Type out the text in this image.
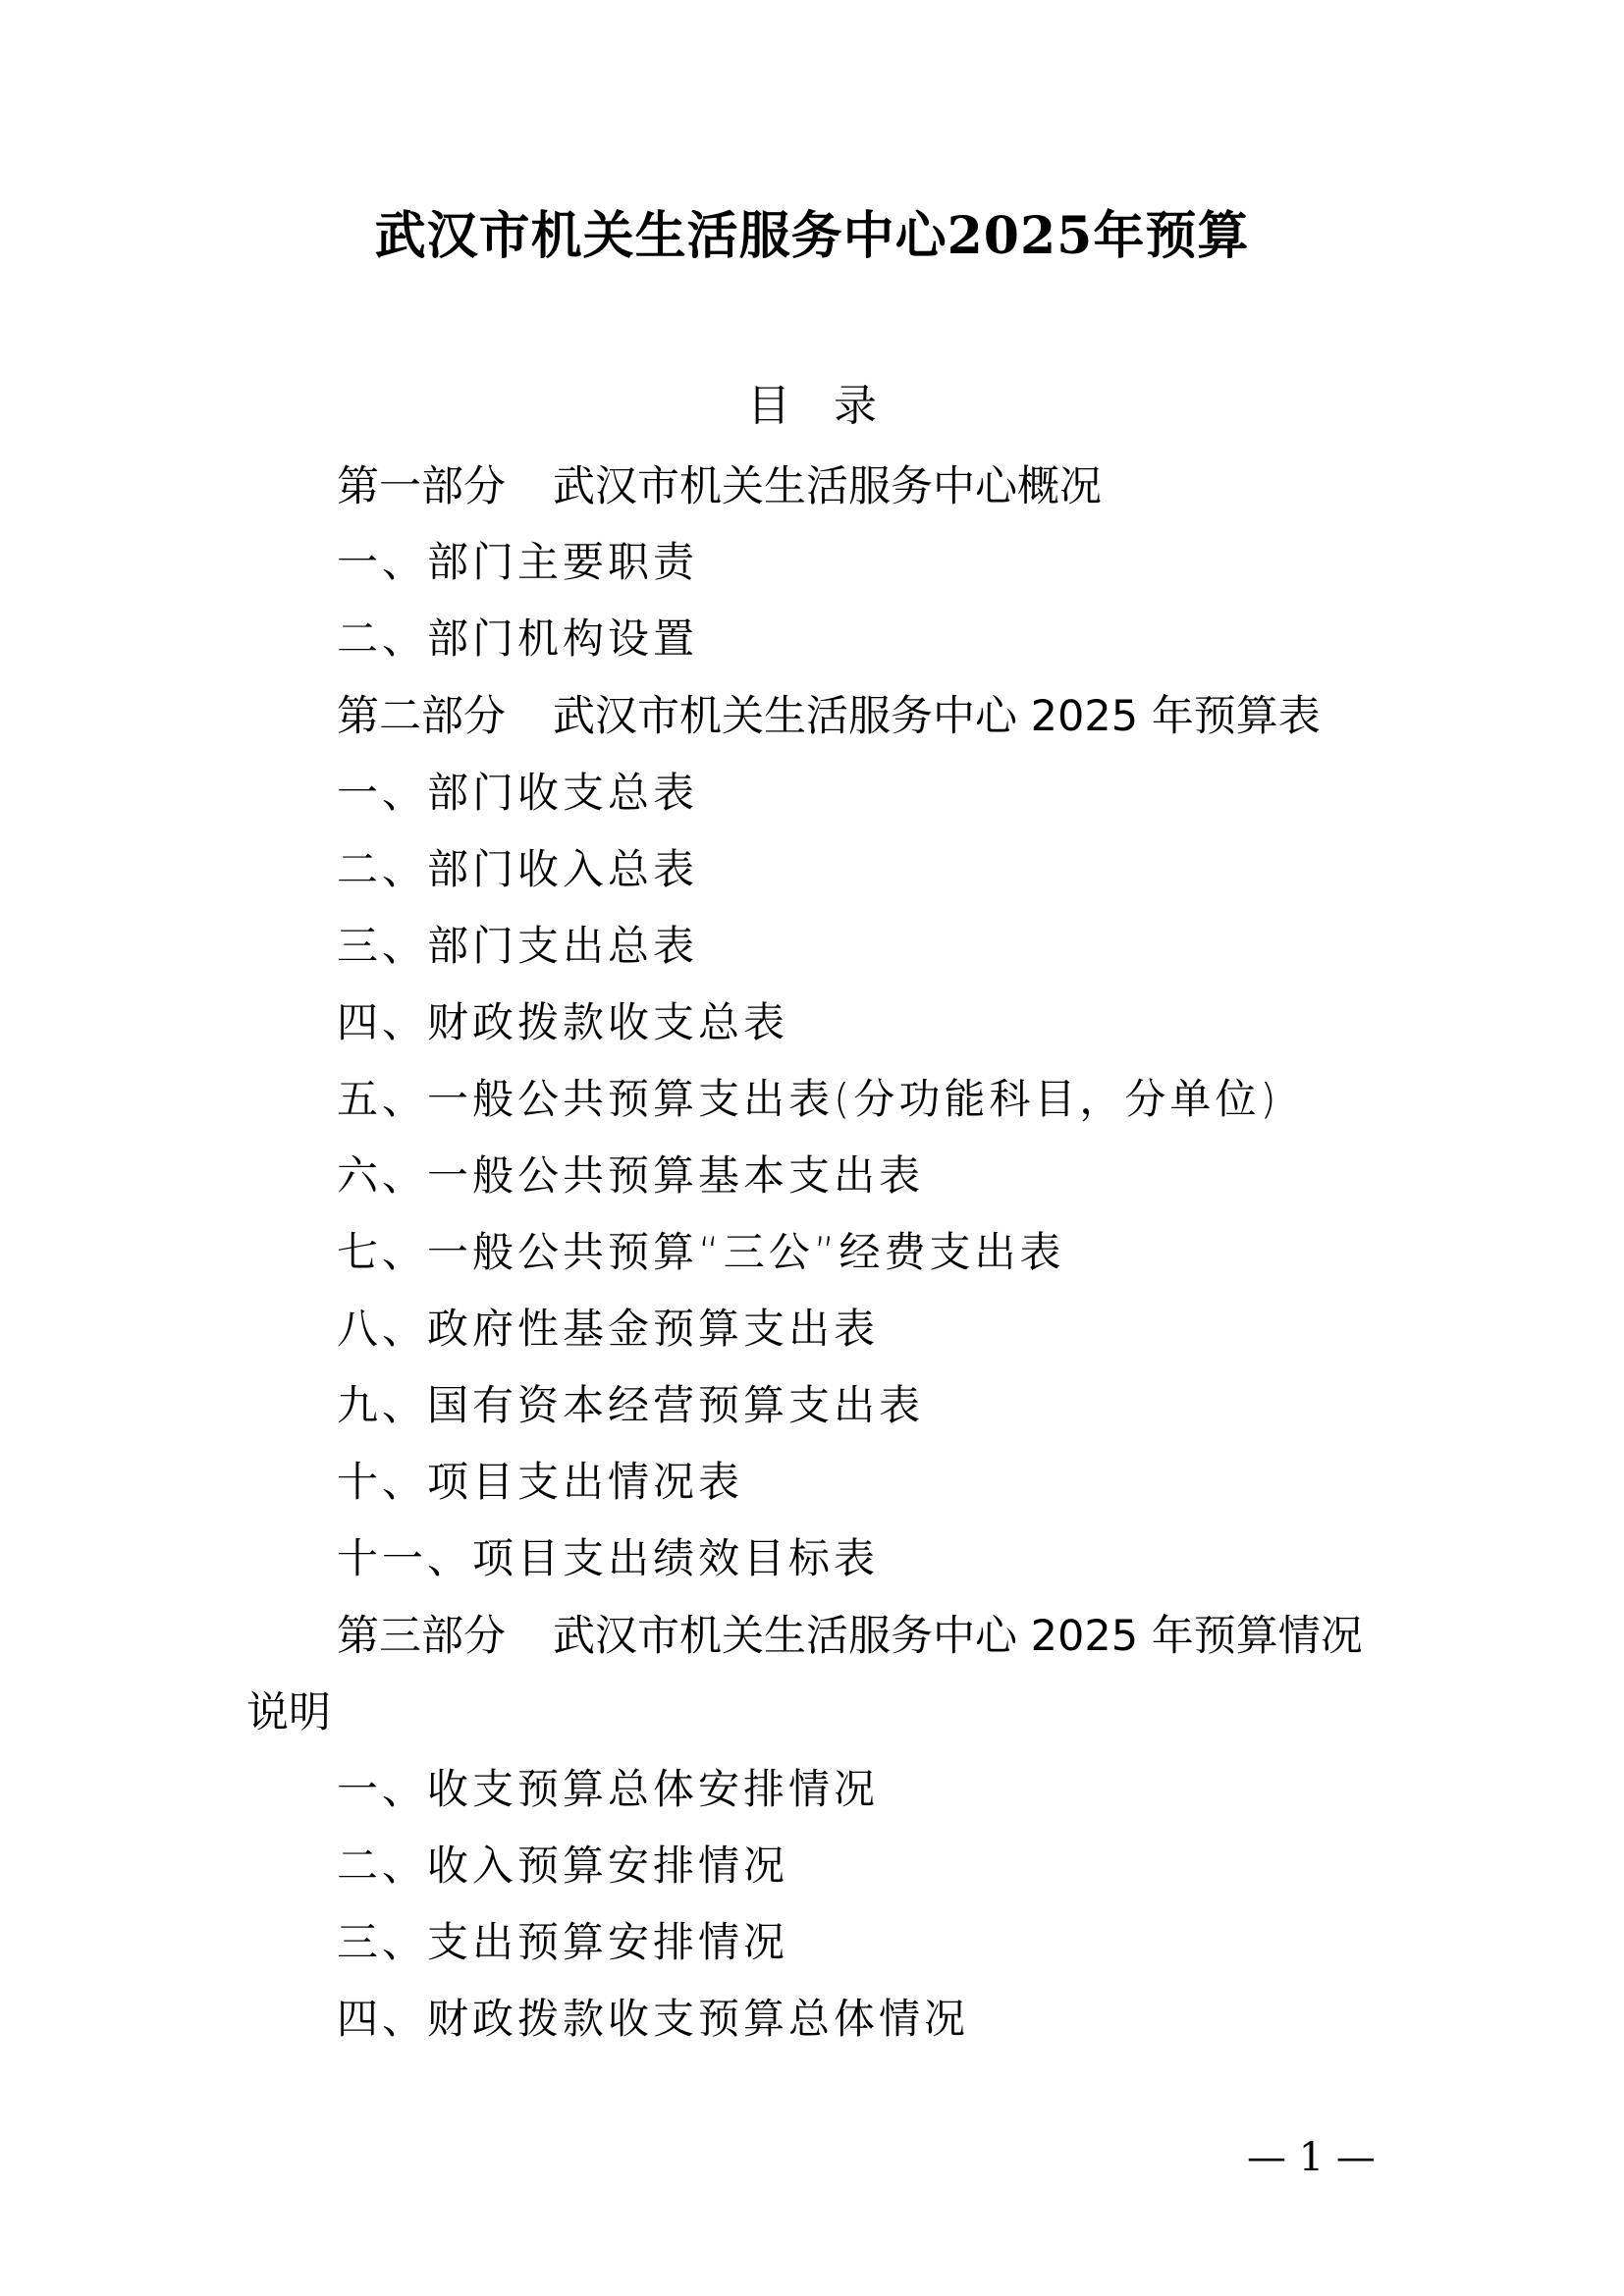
武汉市机关生活服务中心2025年预算
目 录
第一部分 武汉市机关生活服务中心概况
一、部门主要职责
二、部门机构设置
第二部分 武汉市机关生活服务中心 2025 年预算表
一、部门收支总表
二、部门收入总表
三、部门支出总表
四、财政拨款收支总表
五、一般公共预算支出表(分功能科目，分单位)
六、一般公共预算基本支出表
七、一般公共预算“三公”经费支出表
八、政府性基金预算支出表
九、国有资本经营预算支出表
十、项目支出情况表
十一、项目支出绩效目标表
第三部分 武汉市机关生活服务中心 2025 年预算情况
说明
一、收支预算总体安排情况
二、收入预算安排情况
三、支出预算安排情况
四、财政拨款收支预算总体情况
— 1 —
